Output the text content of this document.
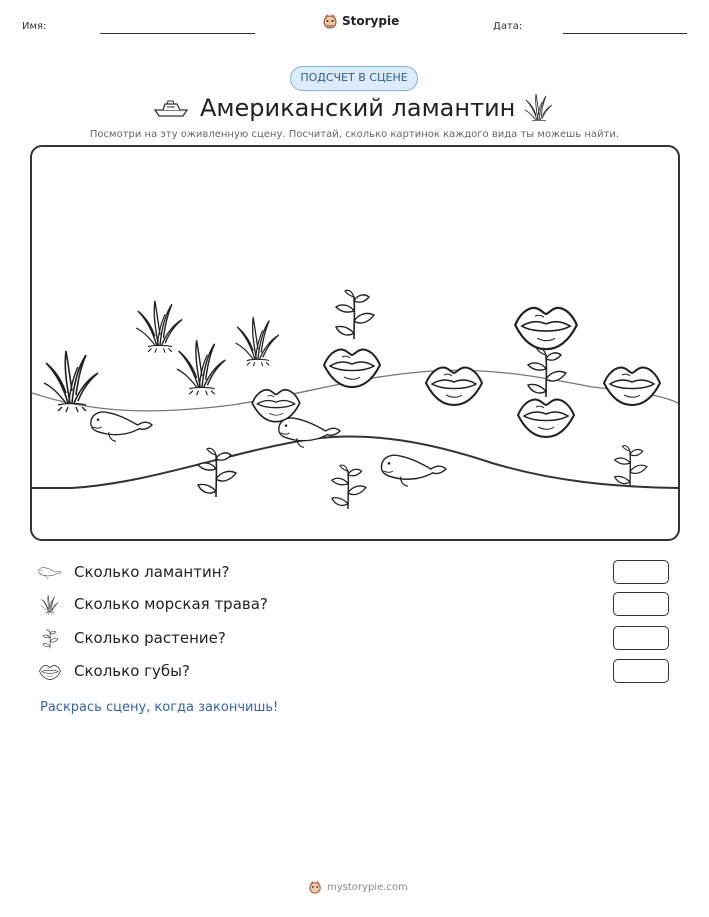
Имя:	Storypie	Дата:
ПОДСЧЕТ В СЦЕНЕ
Американский ламантин
Посмотри на эту оживленную сцену. Посчитай, сколько картинок каждого вида ты можешь найти.
Сколько ламантин?
Сколько морская трава?
Сколько растение?
Сколько губы?
Раскрась сцену, когда закончишь!
mystorypie.com
